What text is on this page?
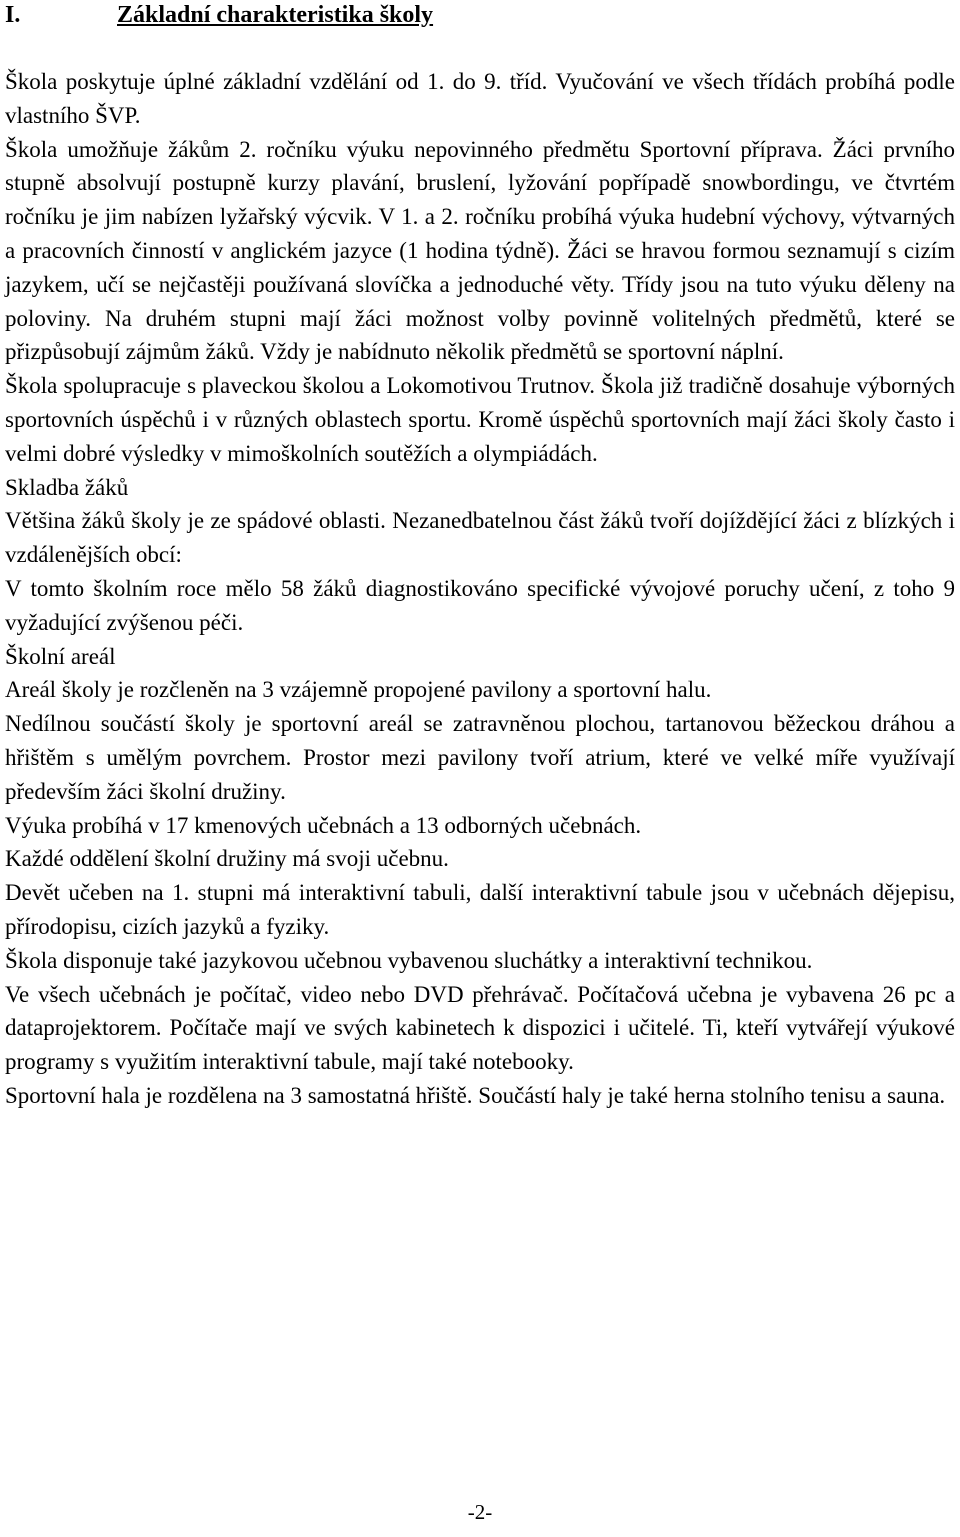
I.	Základní charakteristika školy

Škola poskytuje úplné základní vzdělání od 1. do 9. tříd. Vyučování ve všech třídách probíhá podle vlastního ŠVP.

Škola umožňuje žákům 2. ročníku výuku nepovinného předmětu Sportovní příprava. Žáci prvního stupně absolvují postupně kurzy plavání, bruslení, lyžování popřípadě snowbordingu, ve čtvrtém ročníku je jim nabízen lyžařský výcvik. V 1. a 2. ročníku probíhá výuka hudební výchovy, výtvarných a pracovních činností v anglickém jazyce (1 hodina týdně). Žáci se hravou formou seznamují s cizím jazykem, učí se nejčastěji používaná slovíčka a jednoduché věty. Třídy jsou na tuto výuku děleny na poloviny. Na druhém stupni mají žáci možnost volby povinně volitelných předmětů, které se přizpůsobují zájmům žáků. Vždy je nabídnuto několik předmětů se sportovní náplní.

Škola spolupracuje s plaveckou školou a Lokomotivou Trutnov. Škola již tradičně dosahuje výborných sportovních úspěchů i v různých oblastech sportu. Kromě úspěchů sportovních mají žáci školy často i velmi dobré výsledky v mimoškolních soutěžích a olympiádách.

Skladba žáků

Většina žáků školy je ze spádové oblasti. Nezanedbatelnou část žáků tvoří dojíždějící žáci z blízkých i vzdálenějších obcí:

V tomto školním roce mělo 58 žáků diagnostikováno specifické vývojové poruchy učení, z toho 9 vyžadující zvýšenou péči.

Školní areál

Areál školy je rozčleněn na 3 vzájemně propojené pavilony a sportovní halu.

Nedílnou součástí školy je sportovní areál se zatravněnou plochou, tartanovou běžeckou dráhou a hřištěm s umělým povrchem. Prostor mezi pavilony tvoří atrium, které ve velké míře využívají především žáci školní družiny.

Výuka probíhá v 17 kmenových učebnách a 13 odborných učebnách.

Každé oddělení školní družiny má svoji učebnu.

Devět učeben na 1. stupni má interaktivní tabuli, další interaktivní tabule jsou v učebnách dějepisu, přírodopisu, cizích jazyků a fyziky.

Škola disponuje také jazykovou učebnou vybavenou sluchátky a interaktivní technikou.

Ve všech učebnách je počítač, video nebo DVD přehrávač. Počítačová učebna je vybavena 26 pc a dataprojektorem. Počítače mají ve svých kabinetech k dispozici i učitelé. Ti, kteří vytvářejí výukové programy s využitím interaktivní tabule, mají také notebooky.

Sportovní hala je rozdělena na 3 samostatná hřiště. Součástí haly je také herna stolního tenisu a sauna.

-2-
